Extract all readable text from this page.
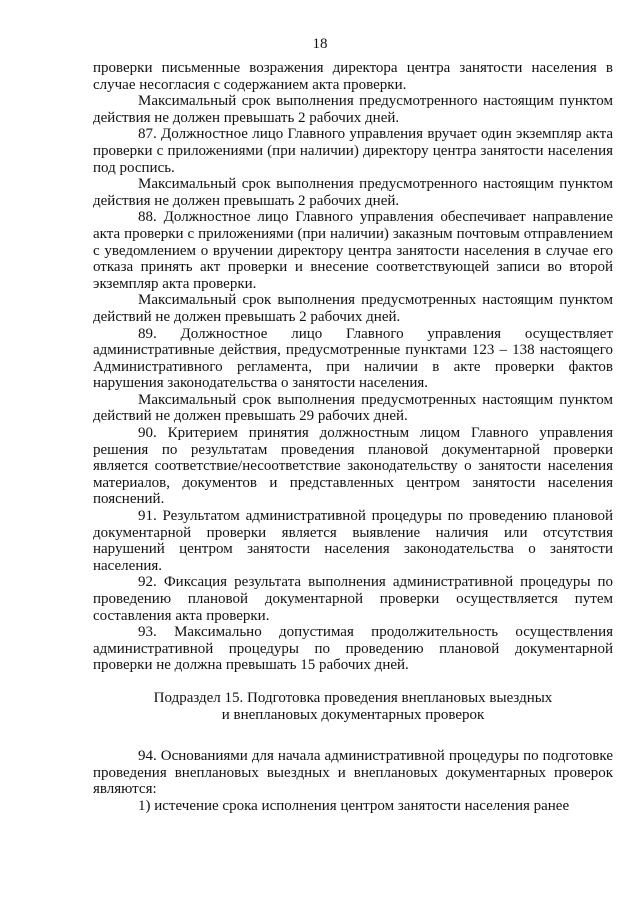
18

проверки письменные возражения директора центра занятости населения в случае несогласия с содержанием акта проверки.

Максимальный срок выполнения предусмотренного настоящим пунктом действия не должен превышать 2 рабочих дней.

87. Должностное лицо Главного управления вручает один экземпляр акта проверки с приложениями (при наличии) директору центра занятости населения под роспись.

Максимальный срок выполнения предусмотренного настоящим пунктом действия не должен превышать 2 рабочих дней.

88. Должностное лицо Главного управления обеспечивает направление акта проверки с приложениями (при наличии) заказным почтовым отправлением с уведомлением о вручении директору центра занятости населения в случае его отказа принять акт проверки и внесение соответствующей записи во второй экземпляр акта проверки.

Максимальный срок выполнения предусмотренных настоящим пунктом действий не должен превышать 2 рабочих дней.

89. Должностное лицо Главного управления осуществляет административные действия, предусмотренные пунктами 123 – 138 настоящего Административного регламента, при наличии в акте проверки фактов нарушения законодательства о занятости населения.

Максимальный срок выполнения предусмотренных настоящим пунктом действий не должен превышать 29 рабочих дней.

90. Критерием принятия должностным лицом Главного управления решения по результатам проведения плановой документарной проверки является соответствие/несоответствие законодательству о занятости населения материалов, документов и представленных центром занятости населения пояснений.

91. Результатом административной процедуры по проведению плановой документарной проверки является выявление наличия или отсутствия нарушений центром занятости населения законодательства о занятости населения.

92. Фиксация результата выполнения административной процедуры по проведению плановой документарной проверки осуществляется путем составления акта проверки.

93. Максимально допустимая продолжительность осуществления административной процедуры по проведению плановой документарной проверки не должна превышать 15 рабочих дней.

Подраздел 15. Подготовка проведения внеплановых выездных
и внеплановых документарных проверок

94. Основаниями для начала административной процедуры по подготовке проведения внеплановых выездных и внеплановых документарных проверок являются:

1) истечение срока исполнения центром занятости населения ранее
